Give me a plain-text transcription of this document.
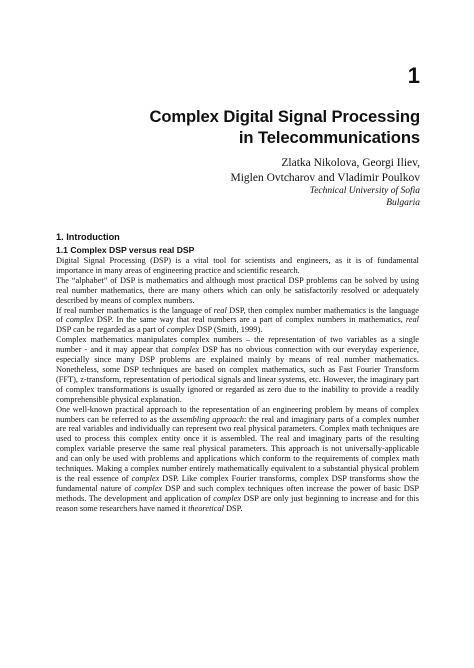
1
Complex Digital Signal Processing
in Telecommunications
Zlatka Nikolova, Georgi Iliev,
Miglen Ovtcharov and Vladimir Poulkov
Technical University of Sofia
Bulgaria
1. Introduction
1.1 Complex DSP versus real DSP

Digital Signal Processing (DSP) is a vital tool for scientists and engineers, as it is of fundamental importance in many areas of engineering practice and scientific research.

The “alphabet” of DSP is mathematics and although most practical DSP problems can be solved by using real number mathematics, there are many others which can only be satisfactorily resolved or adequately described by means of complex numbers.

If real number mathematics is the language of real DSP, then complex number mathematics is the language of complex DSP. In the same way that real numbers are a part of complex numbers in mathematics, real DSP can be regarded as a part of complex DSP (Smith, 1999).

Complex mathematics manipulates complex numbers – the representation of two variables as a single number - and it may appear that complex DSP has no obvious connection with our everyday experience, especially since many DSP problems are explained mainly by means of real number mathematics. Nonetheless, some DSP techniques are based on complex mathematics, such as Fast Fourier Transform (FFT), z-transform, representation of periodical signals and linear systems, etc. However, the imaginary part of complex transformations is usually ignored or regarded as zero due to the inability to provide a readily comprehensible physical explanation.

One well-known practical approach to the representation of an engineering problem by means of complex numbers can be referred to as the assembling approach: the real and imaginary parts of a complex number are real variables and individually can represent two real physical parameters. Complex math techniques are used to process this complex entity once it is assembled. The real and imaginary parts of the resulting complex variable preserve the same real physical parameters. This approach is not universally-applicable and can only be used with problems and applications which conform to the requirements of complex math techniques. Making a complex number entirely mathematically equivalent to a substantial physical problem is the real essence of complex DSP. Like complex Fourier transforms, complex DSP transforms show the fundamental nature of complex DSP and such complex techniques often increase the power of basic DSP methods. The development and application of complex DSP are only just beginning to increase and for this reason some researchers have named it theoretical DSP.
